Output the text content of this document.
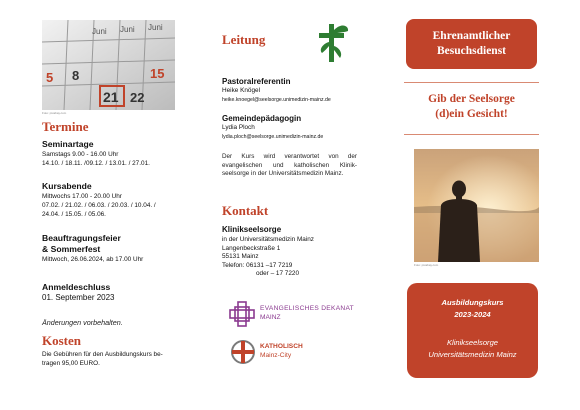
Juni Juni Juni
5 8	15
21 22
Foto: pixabay.com
Termine
Seminartage
Samstags 9.00 - 16.00 Uhr
14.10. / 18.11. /09.12. / 13.01. / 27.01.
Kursabende
Mittwochs 17.00 - 20.00 Uhr
07.02. / 21.02. / 06.03. / 20.03. / 10.04. /
24.04. / 15.05. / 05.06.
Beauftragungsfeier
& Sommerfest
Mittwoch, 26.06.2024, ab 17.00 Uhr
Anmeldeschluss
01. September 2023
Änderungen vorbehalten.
Kosten
Die Gebühren für den Ausbildungskurs be-
tragen 95,00 EURO.
Leitung
Pastoralreferentin
Heike Knögel
heike.knoegel@seelsorge.unimedizin-mainz.de
Gemeindepädagogin
Lydia Ploch
lydia.ploch@seelsorge.unimedizin-mainz.de
Der Kurs wird verantwortet von der evangelischen und katholischen Klinik-seelsorge in der Universitätsmedizin Mainz.
Kontakt
Klinikseelsorge
in der Universitätsmedizin Mainz
Langenbeckstraße 1
55131 Mainz
Telefon: 06131 –17 7219
oder – 17 7220
EVANGELISCHES DEKANAT
MAINZ
KATHOLISCH
Mainz-City
Ehrenamtlicher
Besuchsdienst
Gib der Seelsorge
(d)ein Gesicht!
Foto: pixabay.com
Ausbildungskurs
2023-2024
Klinikseelsorge
Universitätsmedizin Mainz
